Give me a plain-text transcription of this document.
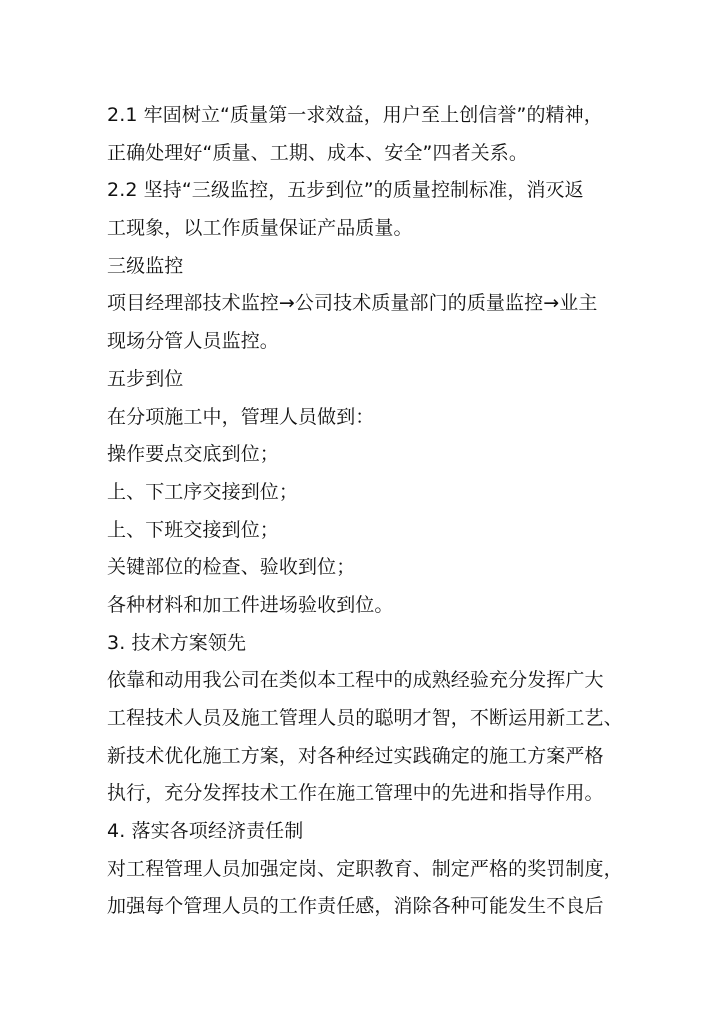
2.1 牢固树立“质量第一求效益，用户至上创信誉”的精神，
正确处理好“质量、工期、成本、安全”四者关系。
2.2 坚持“三级监控，五步到位”的质量控制标准，消灭返
工现象，以工作质量保证产品质量。
三级监控
项目经理部技术监控→公司技术质量部门的质量监控→业主
现场分管人员监控。
五步到位
在分项施工中，管理人员做到：
操作要点交底到位；
上、下工序交接到位；
上、下班交接到位；
关键部位的检查、验收到位；
各种材料和加工件进场验收到位。
3. 技术方案领先
依靠和动用我公司在类似本工程中的成熟经验充分发挥广大
工程技术人员及施工管理人员的聪明才智，不断运用新工艺、
新技术优化施工方案，对各种经过实践确定的施工方案严格
执行，充分发挥技术工作在施工管理中的先进和指导作用。
4. 落实各项经济责任制
对工程管理人员加强定岗、定职教育、制定严格的奖罚制度，
加强每个管理人员的工作责任感，消除各种可能发生不良后
